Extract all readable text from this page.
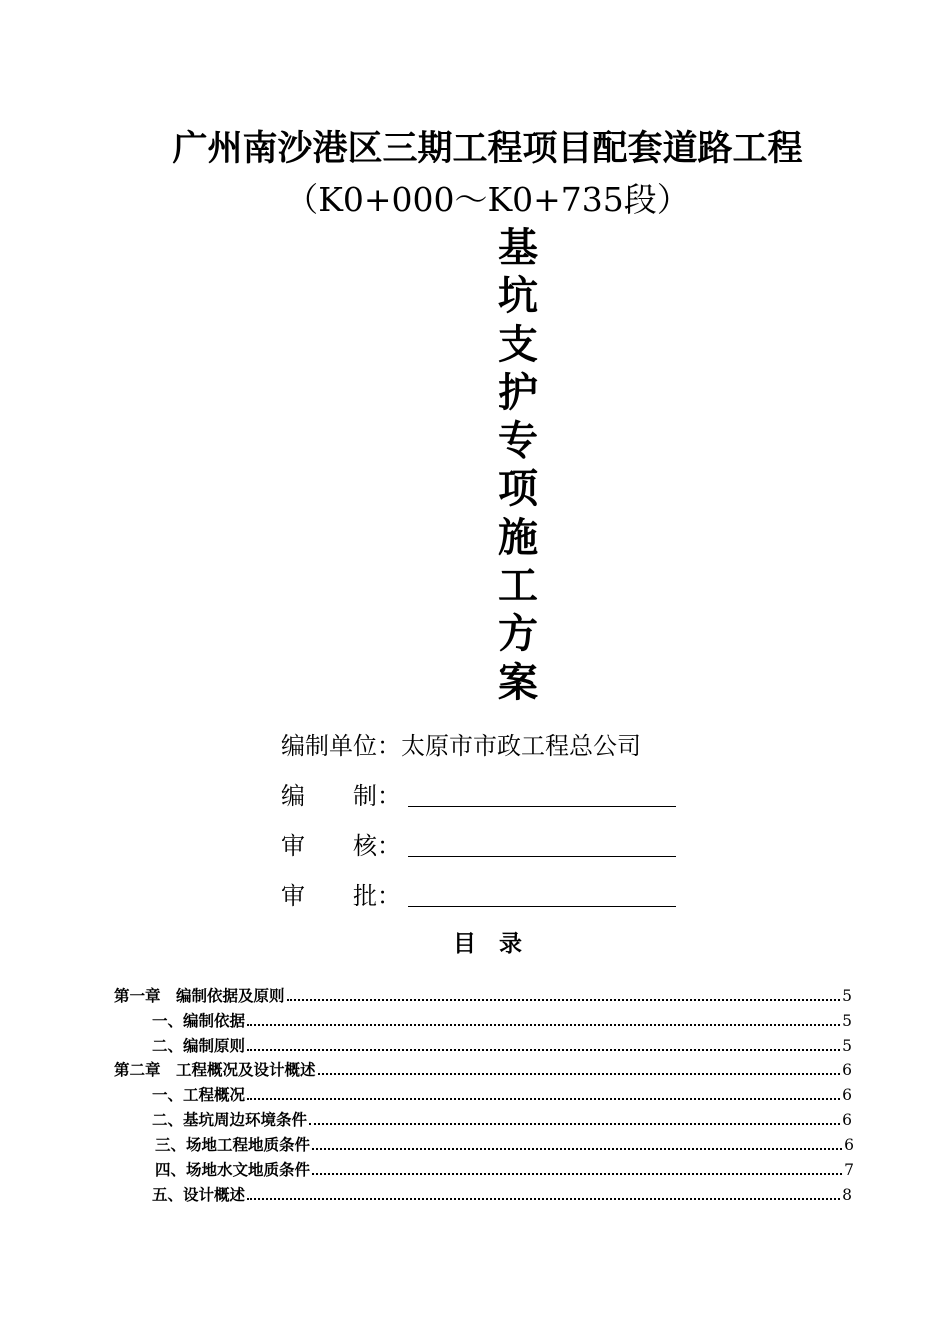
广州南沙港区三期工程项目配套道路工程
（K0+000～K0+735段）
基
坑
支
护
专
项
施
工
方
案
编制单位：太原市市政工程总公司
编　　制：
审　　核：
审　　批：
目　录
第一章　编制依据及原则	5
一、编制依据	5
二、编制原则	5
第二章　工程概况及设计概述	6
一、工程概况	6
二、基坑周边环境条件	6
三、场地工程地质条件	6
四、场地水文地质条件	7
五、设计概述	8
